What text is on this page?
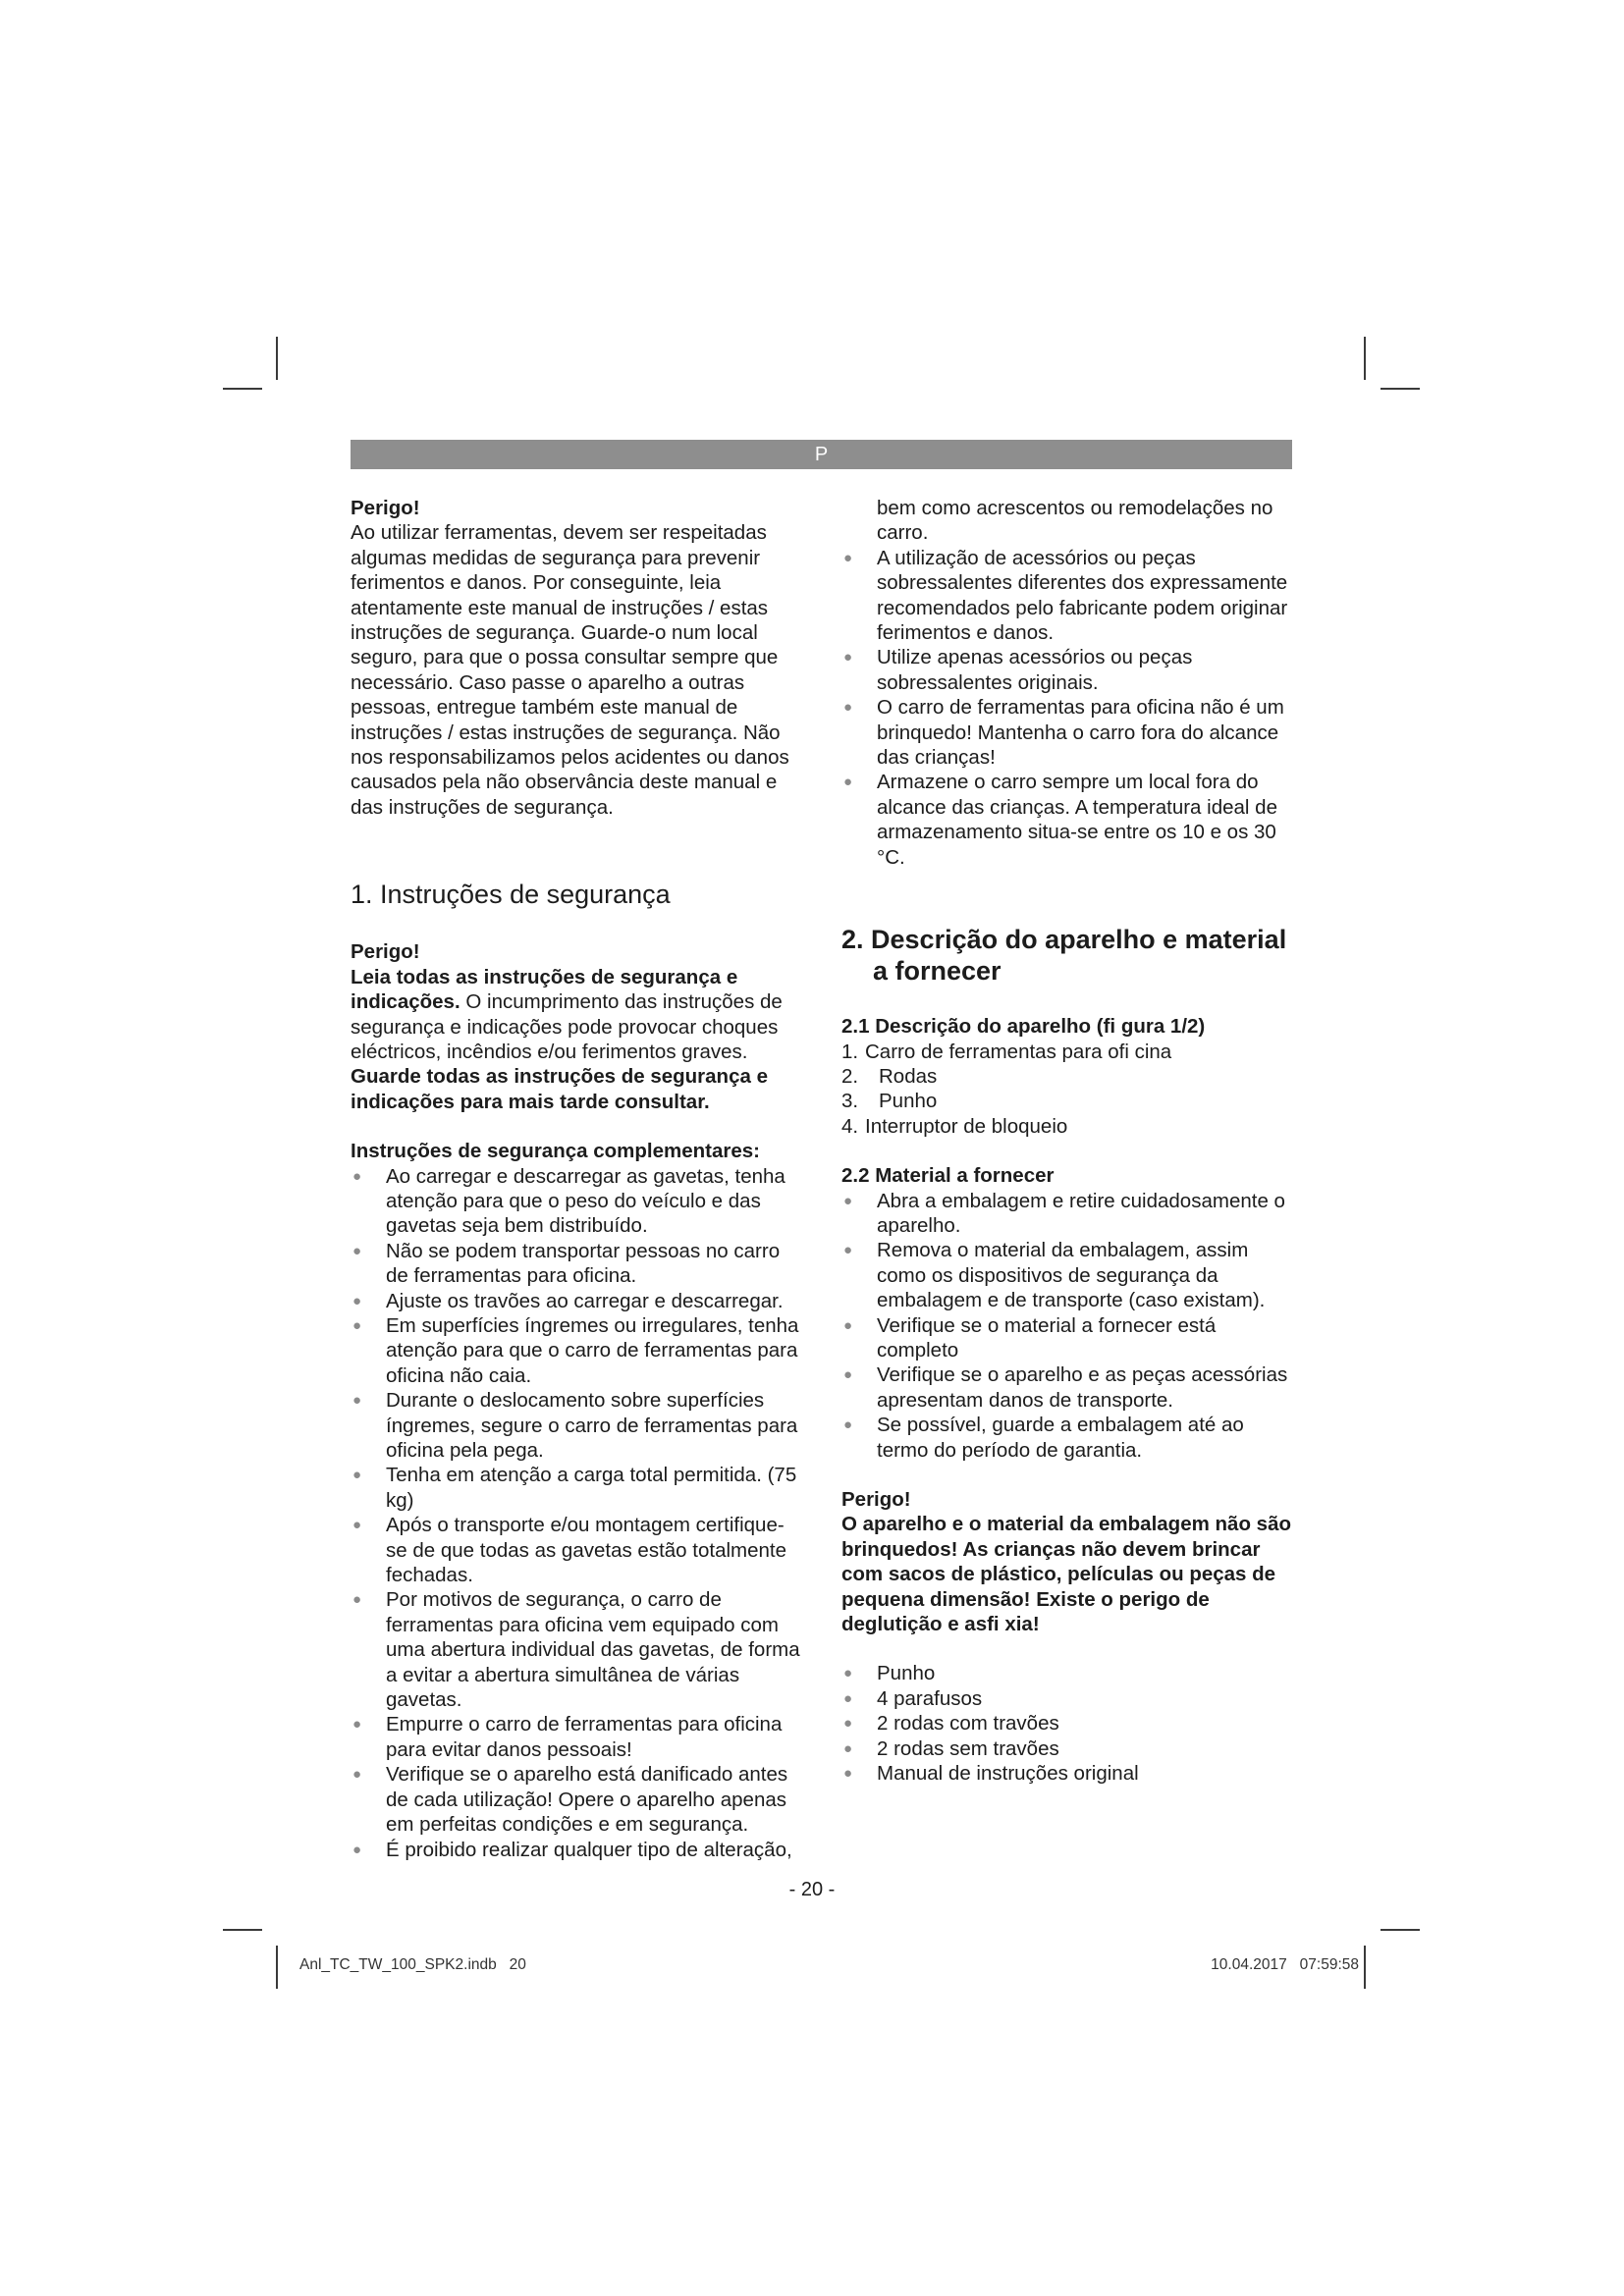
P

Perigo!

Ao utilizar ferramentas, devem ser respeitadas algumas medidas de segurança para prevenir ferimentos e danos. Por conseguinte, leia atentamente este manual de instruções / estas instruções de segurança. Guarde-o num local seguro, para que o possa consultar sempre que necessário. Caso passe o aparelho a outras pessoas, entregue também este manual de instruções / estas instruções de segurança. Não nos responsabilizamos pelos acidentes ou danos causados pela não observância deste manual e das instruções de segurança.

1. Instruções de segurança

Perigo!

Leia todas as instruções de segurança e indicações. O incumprimento das instruções de segurança e indicações pode provocar choques eléctricos, incêndios e/ou ferimentos graves.

Guarde todas as instruções de segurança e indicações para mais tarde consultar.

Instruções de segurança complementares:

● Ao carregar e descarregar as gavetas, tenha atenção para que o peso do veículo e das gavetas seja bem distribuído.
● Não se podem transportar pessoas no carro de ferramentas para oficina.
● Ajuste os travões ao carregar e descarregar.
● Em superfícies íngremes ou irregulares, tenha atenção para que o carro de ferramentas para oficina não caia.
● Durante o deslocamento sobre superfícies íngremes, segure o carro de ferramentas para oficina pela pega.
● Tenha em atenção a carga total permitida. (75 kg)
● Após o transporte e/ou montagem certifique-se de que todas as gavetas estão totalmente fechadas.
● Por motivos de segurança, o carro de ferramentas para oficina vem equipado com uma abertura individual das gavetas, de forma a evitar a abertura simultânea de várias gavetas.
● Empurre o carro de ferramentas para oficina para evitar danos pessoais!
● Verifique se o aparelho está danificado antes de cada utilização! Opere o aparelho apenas em perfeitas condições e em segurança.
● É proibido realizar qualquer tipo de alteração,

bem como acrescentos ou remodelações no carro.

● A utilização de acessórios ou peças sobressalentes diferentes dos expressamente recomendados pelo fabricante podem originar ferimentos e danos.
● Utilize apenas acessórios ou peças sobressalentes originais.
● O carro de ferramentas para oficina não é um brinquedo! Mantenha o carro fora do alcance das crianças!
● Armazene o carro sempre um local fora do alcance das crianças. A temperatura ideal de armazenamento situa-se entre os 10 e os 30 °C.
2. Descrição do aparelho e material
a fornecer

2.1 Descrição do aparelho (fi gura 1/2)

1. Carro de ferramentas para ofi cina
2. Rodas
3. Punho
4. Interruptor de bloqueio

2.2 Material a fornecer

● Abra a embalagem e retire cuidadosamente o aparelho.
● Remova o material da embalagem, assim como os dispositivos de segurança da embalagem e de transporte (caso existam).
● Verifique se o material a fornecer está completo
● Verifique se o aparelho e as peças acessórias apresentam danos de transporte.
● Se possível, guarde a embalagem até ao termo do período de garantia.

Perigo!

O aparelho e o material da embalagem não são brinquedos! As crianças não devem brincar com sacos de plástico, películas ou peças de pequena dimensão! Existe o perigo de deglutição e asfi xia!

● Punho
● 4 parafusos
● 2 rodas com travões
● 2 rodas sem travões
● Manual de instruções original
- 20 -
Anl_TC_TW_100_SPK2.indb   20	10.04.2017   07:59:58
